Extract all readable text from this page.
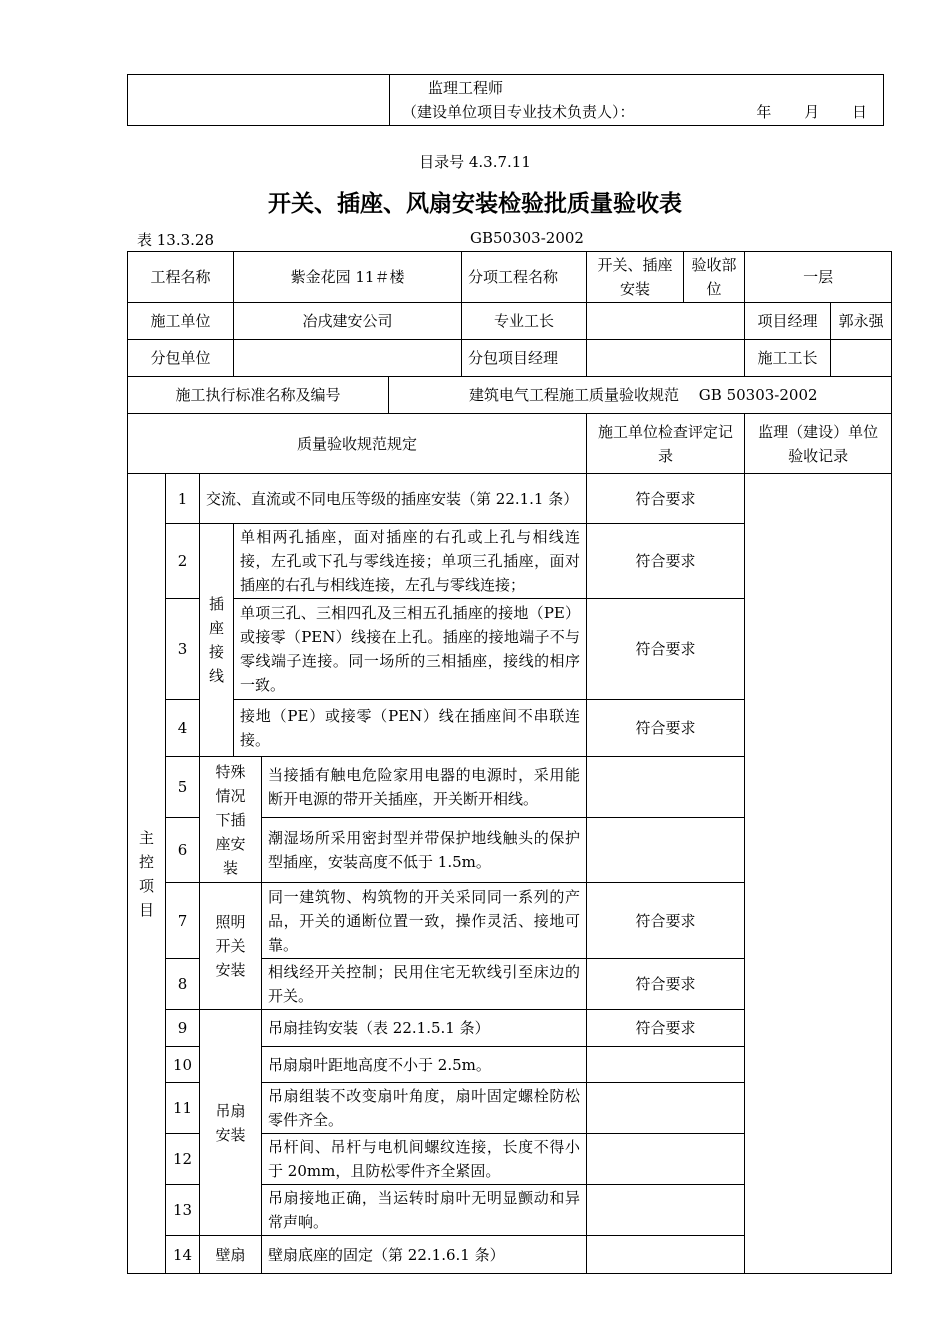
监理工程师
（建设单位项目专业技术负责人）：	年 月 日
目录号 4.3.7.11
开关、插座、风扇安装检验批质量验收表
表 13.3.28	GB50303-2002
工程名称			紫金花园 11＃楼			分项工程名称	开关、插座安装	验收部位	一层	
施工单位			冶戌建安公司			专业工长			项目经理	郭永强
分包单位						分包项目经理			施工工长	
施工执行标准名称及编号					建筑电气工程施工质量验收规范　 GB 50303-2002					
质量验收规范规定							施工单位检查评定记录		监理（建设）单位验收记录	

主控项目	1	交流、直流或不同电压等级的插座安装（第 22.1.1 条）					符合要求			
	2	插座接线	单相两孔插座，面对插座的右孔或上孔与相线连接，左孔或下孔与零线连接；单项三孔插座，面对插座的右孔与相线连接，左孔与零线连接；				符合要求			
	3		单项三孔、三相四孔及三相五孔插座的接地（PE）或接零（PEN）线接在上孔。插座的接地端子不与零线端子连接。同一场所的三相插座，接线的相序一致。				符合要求			
	4		接地（PE）或接零（PEN）线在插座间不串联连接。				符合要求			
	5	特殊情况下插座安装		当接插有触电危险家用电器的电源时，采用能断开电源的带开关插座，开关断开相线。						
	6			潮湿场所采用密封型并带保护地线触头的保护型插座，安装高度不低于 1.5m。						
	7	照明开关安装		同一建筑物、构筑物的开关采同同一系列的产品，开关的通断位置一致，操作灵活、接地可靠。			符合要求			
	8			相线经开关控制；民用住宅无软线引至床边的开关。			符合要求			
	9	吊扇安装		吊扇挂钩安装（表 22.1.5.1 条）			符合要求			
	10			吊扇扇叶距地高度不小于 2.5m。						
	11			吊扇组装不改变扇叶角度，扇叶固定螺栓防松零件齐全。						
	12			吊杆间、吊杆与电机间螺纹连接，长度不得小于 20mm，且防松零件齐全紧固。						
	13			吊扇接地正确，当运转时扇叶无明显颤动和异常声响。						
	14	壁扇		壁扇底座的固定（第 22.1.6.1 条）						
